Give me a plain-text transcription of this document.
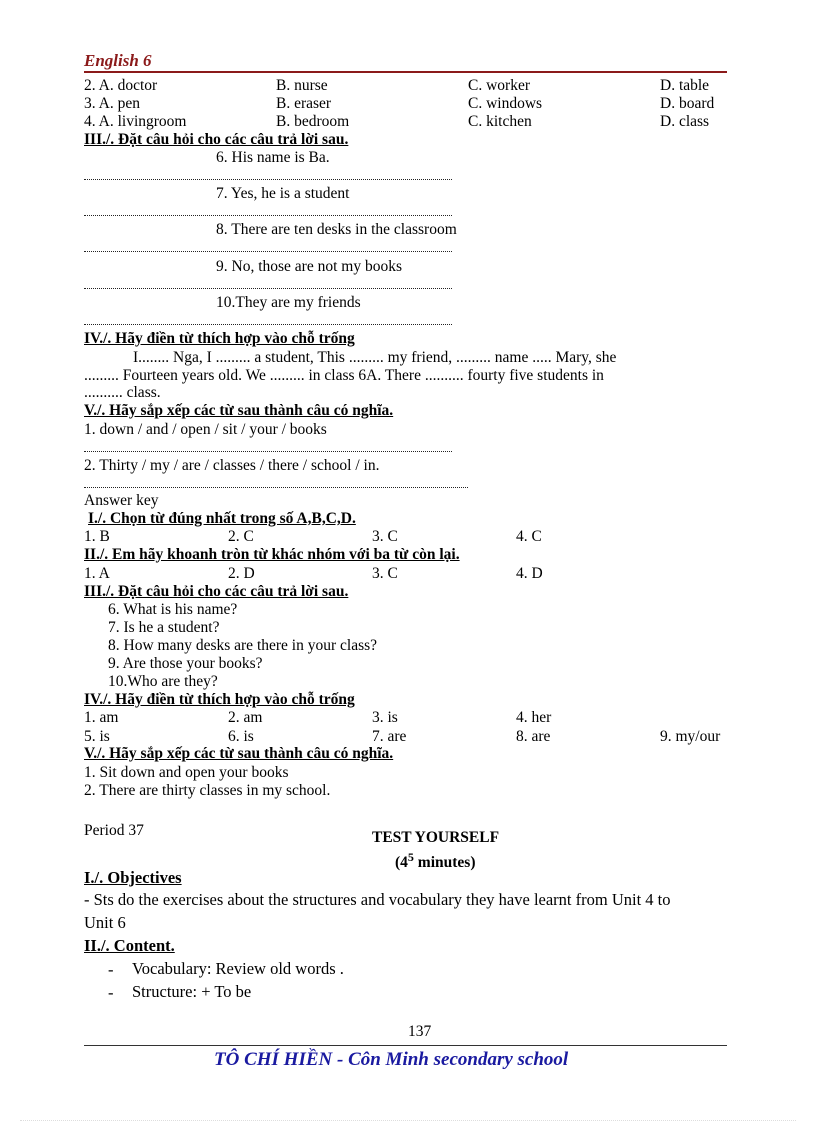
English 6
2. A. doctor	B. nurse	C. worker	D. table
3. A. pen	B. eraser	C. windows	D. board
4. A. livingroom	B. bedroom	C. kitchen	D. class
III./. Đặt câu hỏi cho các câu trả lời sau.
6. His name is Ba.
7. Yes, he is a student
8. There are ten desks in the classroom
9. No, those are not my books
10.They are my friends
IV./. Hãy điền từ thích hợp vào chỗ trống
I........ Nga, I ......... a student, This ......... my friend, ......... name ..... Mary, she
......... Fourteen years old. We ......... in class 6A. There .......... fourty five students in
.......... class.
V./. Hãy sắp xếp các từ sau thành câu có nghĩa.
1. down / and / open / sit / your / books
2. Thirty / my / are / classes / there / school / in.
Answer key
I./. Chọn từ đúng nhất trong số A,B,C,D.
1. B	2. C	3. C	4. C
II./. Em hãy khoanh tròn từ khác nhóm với ba từ còn lại.
1. A	2. D	3. C	4. D
III./. Đặt câu hỏi cho các câu trả lời sau.
6. What is his name?
7. Is he a student?
8. How many desks are there in your class?
9. Are those your books?
10.Who are they?
IV./. Hãy điền từ thích hợp vào chỗ trống
1. am	2. am	3. is	4. her
5. is	6. is	7. are	8. are	9. my/our
V./. Hãy sắp xếp các từ sau thành câu có nghĩa.
1. Sit down and open your books
2. There are thirty classes in my school.
Period 37	TEST YOURSELF
($4^5$ minutes)
I./. Objectives
- Sts do the exercises about the structures and vocabulary they have learnt from Unit 4 to
Unit 6
II./. Content.
- Vocabulary: Review old words .
- Structure: + To be
137
TÔ CHÍ HIỀN - Côn Minh secondary school
